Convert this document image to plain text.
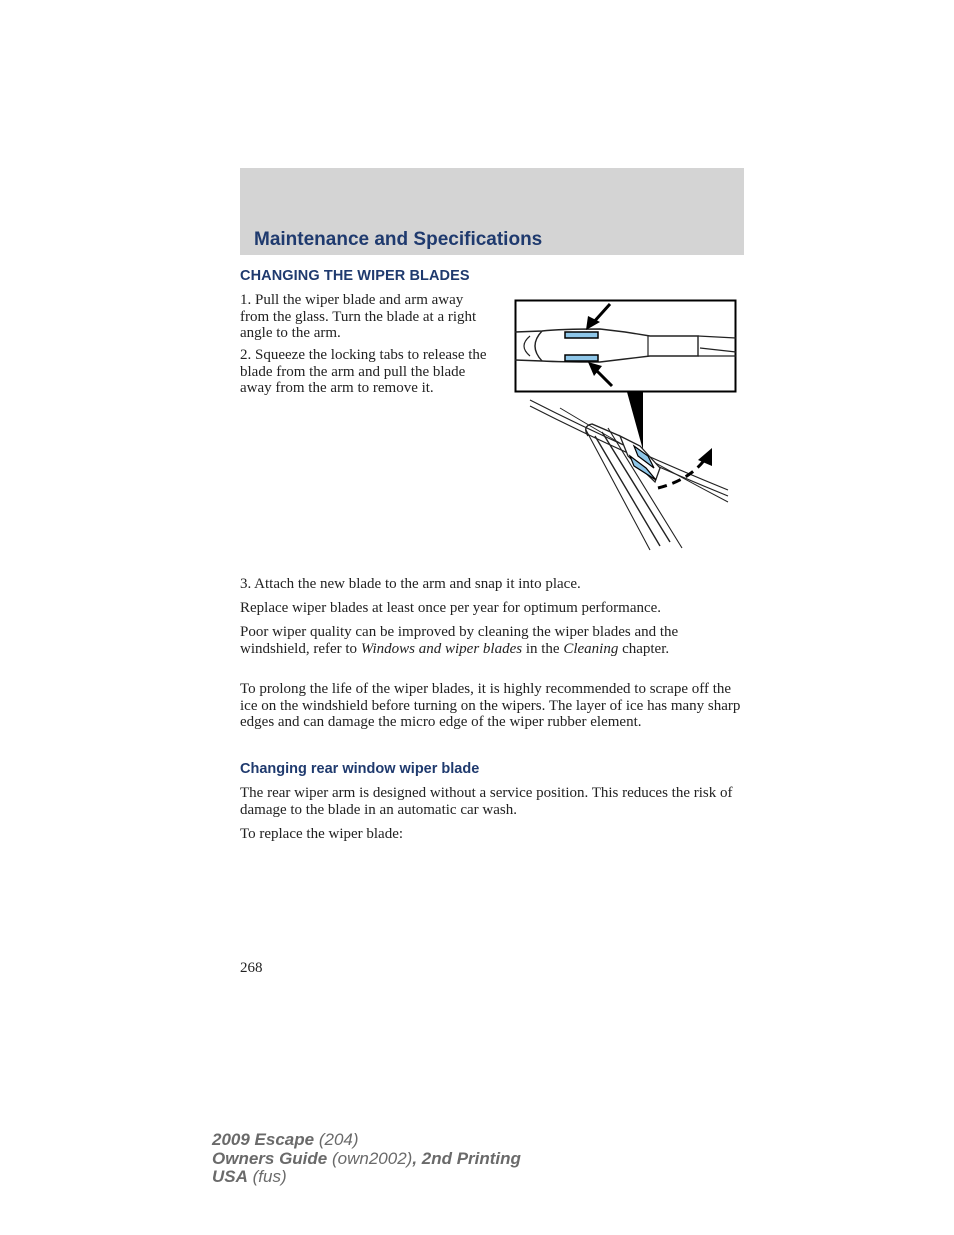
Maintenance and Specifications
CHANGING THE WIPER BLADES

1. Pull the wiper blade and arm away from the glass. Turn the blade at a right angle to the arm.

2. Squeeze the locking tabs to release the blade from the arm and pull the blade away from the arm to remove it.

3. Attach the new blade to the arm and snap it into place.

Replace wiper blades at least once per year for optimum performance.

Poor wiper quality can be improved by cleaning the wiper blades and the windshield, refer to Windows and wiper blades in the Cleaning chapter.

To prolong the life of the wiper blades, it is highly recommended to scrape off the ice on the windshield before turning on the wipers. The layer of ice has many sharp edges and can damage the micro edge of the wiper rubber element.

Changing rear window wiper blade

The rear wiper arm is designed without a service position. This reduces the risk of damage to the blade in an automatic car wash.

To replace the wiper blade:

268
2009 Escape (204)
Owners Guide (own2002), 2nd Printing
USA (fus)
